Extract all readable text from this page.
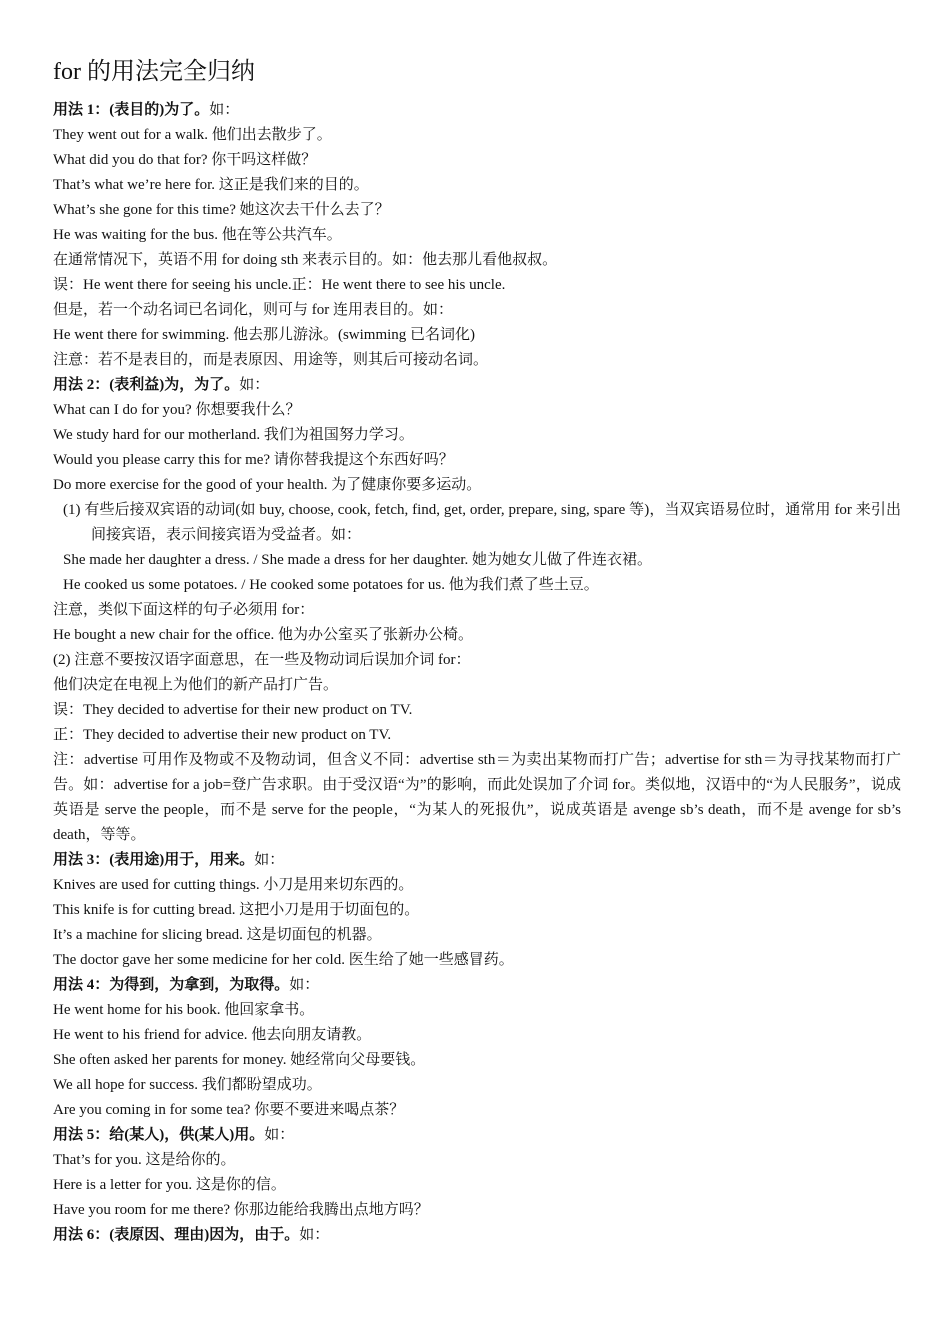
for 的用法完全归纳
用法 1：(表目的)为了。如：
They went out for a walk. 他们出去散步了。
What did you do that for? 你干吗这样做？
That’s what we’re here for. 这正是我们来的目的。
What’s she gone for this time? 她这次去干什么去了？
He was waiting for the bus. 他在等公共汽车。
在通常情况下，英语不用 for doing sth 来表示目的。如：他去那儿看他叔叔。
误：He went there for seeing his uncle.正：He went there to see his uncle.
但是，若一个动名词已名词化，则可与 for 连用表目的。如：
He went there for swimming. 他去那儿游泳。(swimming 已名词化)
注意：若不是表目的，而是表原因、用途等，则其后可接动名词。
用法 2：(表利益)为，为了。如：
What can I do for you? 你想要我什么？
We study hard for our motherland. 我们为祖国努力学习。
Would you please carry this for me? 请你替我提这个东西好吗？
Do more exercise for the good of your health. 为了健康你要多运动。
(1) 有些后接双宾语的动词(如 buy, choose, cook, fetch, find, get, order, prepare, sing, spare 等)，当双宾语易位时，通常用 for 来引出间接宾语，表示间接宾语为受益者。如：
She made her daughter a dress. / She made a dress for her daughter. 她为她女儿做了件连衣裙。
He cooked us some potatoes. / He cooked some potatoes for us. 他为我们煮了些土豆。
注意，类似下面这样的句子必须用 for：
He bought a new chair for the office. 他为办公室买了张新办公椅。
(2) 注意不要按汉语字面意思，在一些及物动词后误加介词 for：
他们决定在电视上为他们的新产品打广告。
误：They decided to advertise for their new product on TV.
正：They decided to advertise their new product on TV.
注：advertise 可用作及物或不及物动词，但含义不同：advertise sth＝为卖出某物而打广告；advertise for sth＝为寻找某物而打广告。如：advertise for a job=登广告求职。由于受汉语“为”的影响，而此处误加了介词 for。类似地，汉语中的“为人民服务”，说成英语是 serve the people，而不是 serve for the people，“为某人的死报仇”，说成英语是 avenge sb’s death，而不是 avenge for sb’s death，等等。
用法 3：(表用途)用于，用来。如：
Knives are used for cutting things. 小刀是用来切东西的。
This knife is for cutting bread. 这把小刀是用于切面包的。
It’s a machine for slicing bread. 这是切面包的机器。
The doctor gave her some medicine for her cold. 医生给了她一些感冒药。
用法 4：为得到，为拿到，为取得。如：
He went home for his book. 他回家拿书。
He went to his friend for advice. 他去向朋友请教。
She often asked her parents for money. 她经常向父母要钱。
We all hope for success. 我们都盼望成功。
Are you coming in for some tea? 你要不要进来喝点茶？
用法 5：给(某人)，供(某人)用。如：
That’s for you. 这是给你的。
Here is a letter for you. 这是你的信。
Have you room for me there? 你那边能给我腾出点地方吗？
用法 6：(表原因、理由)因为，由于。如：
